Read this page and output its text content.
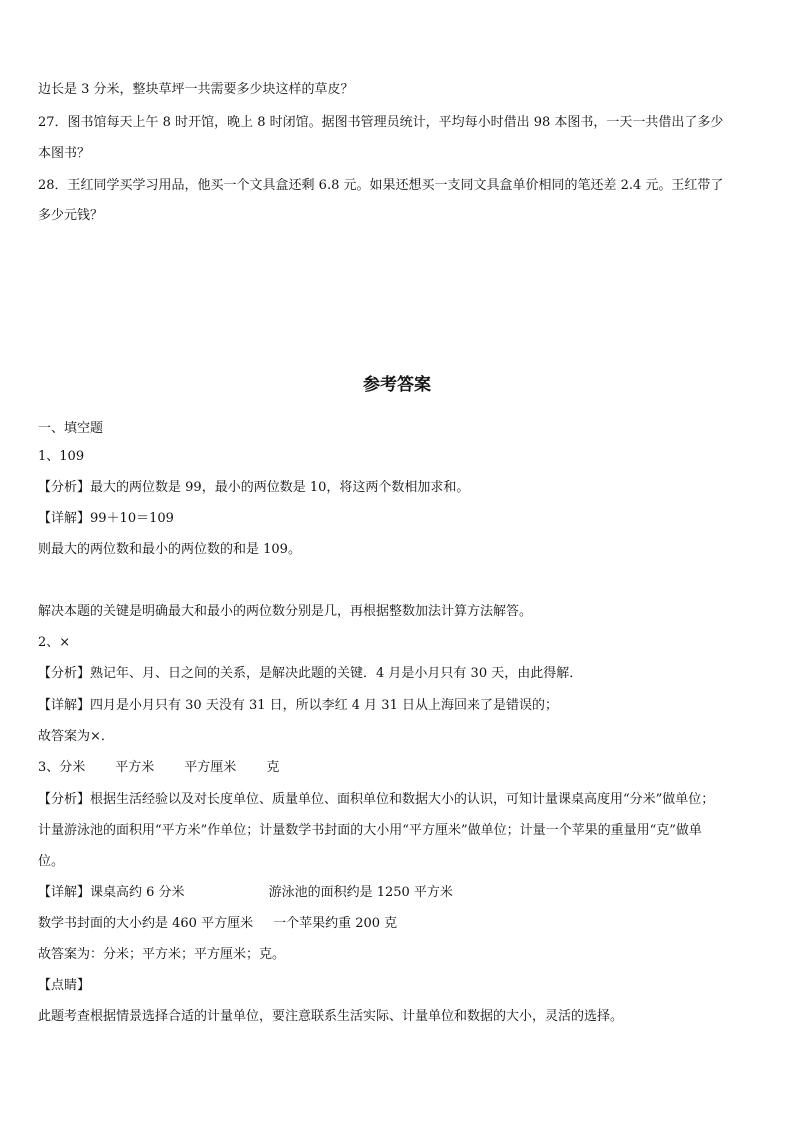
边长是 3 分米，整块草坪一共需要多少块这样的草皮？
27．图书馆每天上午 8 时开馆，晚上 8 时闭馆。据图书管理员统计，平均每小时借出 98 本图书，一天一共借出了多少
本图书？
28．王红同学买学习用品，他买一个文具盒还剩 6.8 元。如果还想买一支同文具盒单价相同的笔还差 2.4 元。王红带了
多少元钱？
参考答案
一、填空题
1、109
【分析】最大的两位数是 99，最小的两位数是 10，将这两个数相加求和。
【详解】99＋10＝109
则最大的两位数和最小的两位数的和是 109。
解决本题的关键是明确最大和最小的两位数分别是几，再根据整数加法计算方法解答。
2、×
【分析】熟记年、月、日之间的关系，是解决此题的关键．4 月是小月只有 30 天，由此得解．
【详解】四月是小月只有 30 天没有 31 日，所以李红 4 月 31 日从上海回来了是错误的；
故答案为×．
3、分米 平方米 平方厘米 克
【分析】根据生活经验以及对长度单位、质量单位、面积单位和数据大小的认识，可知计量课桌高度用“分米”做单位；
计量游泳池的面积用“平方米”作单位；计量数学书封面的大小用“平方厘米”做单位；计量一个苹果的重量用“克”做单
位。
【详解】课桌高约 6 分米	游泳池的面积约是 1250 平方米
数学书封面的大小约是 460 平方厘米 一个苹果约重 200 克
故答案为：分米；平方米；平方厘米；克。
【点睛】
此题考查根据情景选择合适的计量单位，要注意联系生活实际、计量单位和数据的大小，灵活的选择。
